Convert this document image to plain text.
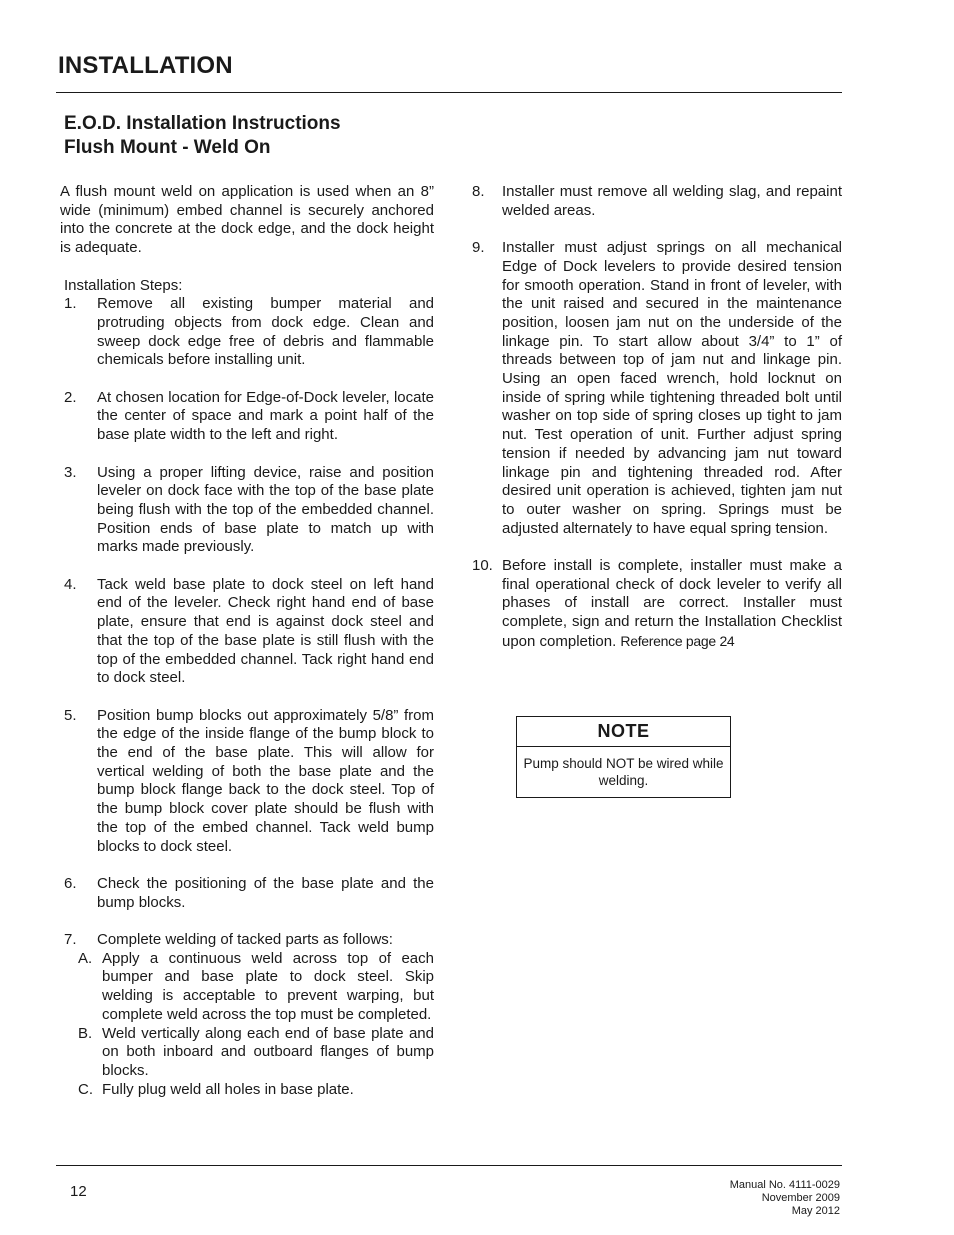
INSTALLATION
E.O.D. Installation Instructions
Flush Mount - Weld On

A flush mount weld on application is used when an 8” wide (minimum) embed channel is securely anchored into the concrete at the dock edge, and the dock height is adequate.

Installation Steps:

1.	Remove all existing bumper material and protruding objects from dock edge. Clean and sweep dock edge free of debris and flammable chemicals before installing unit.
2.	At chosen location for Edge-of-Dock leveler, locate the center of space and mark a point half of the base plate width to the left and right.
3.	Using a proper lifting device, raise and position leveler on dock face with the top of the base plate being flush with the top of the embedded channel. Position ends of base plate to match up with marks made previously.
4.	Tack weld base plate to dock steel on left hand end of the leveler. Check right hand end of base plate, ensure that end is against dock steel and that the top of the base plate is still flush with the top of the embedded channel. Tack right hand end to dock steel.
5.	Position bump blocks out approximately 5/8” from the edge of the inside flange of the bump block to the end of the base plate. This will allow for vertical welding of both the base plate and the bump block flange back to the dock steel. Top of the bump block cover plate should be flush with the top of the embed channel. Tack weld bump blocks to dock steel.
6.	Check the positioning of the base plate and the bump blocks.
7.	Complete welding of tacked parts as follows:
A. Apply a continuous weld across top of each bumper and base plate to dock steel. Skip welding is acceptable to prevent warping, but complete weld across the top must be completed.
B. Weld vertically along each end of base plate and on both inboard and outboard flanges of bump blocks.
C. Fully plug weld all holes in base plate.
8.	Installer must remove all welding slag, and repaint welded areas.
9.	Installer must adjust springs on all mechanical Edge of Dock levelers to provide desired tension for smooth operation. Stand in front of leveler, with the unit raised and secured in the maintenance position, loosen jam nut on the underside of the linkage pin. To start allow about 3/4” to 1” of threads between top of jam nut and linkage pin. Using an open faced wrench, hold locknut on inside of spring while tightening threaded bolt until washer on top side of spring closes up tight to jam nut. Test operation of unit. Further adjust spring tension if needed by advancing jam nut toward linkage pin and tightening threaded rod. After desired unit operation is achieved, tighten jam nut to outer washer on spring. Springs must be adjusted alternately to have equal spring tension.
10. Before install is complete, installer must make a final operational check of dock leveler to verify all phases of install are correct. Installer must complete, sign and return the Installation Checklist upon completion. Reference page 24
NOTE
Pump should NOT be wired while welding.
12	Manual No. 4111-0029
November 2009
May 2012
